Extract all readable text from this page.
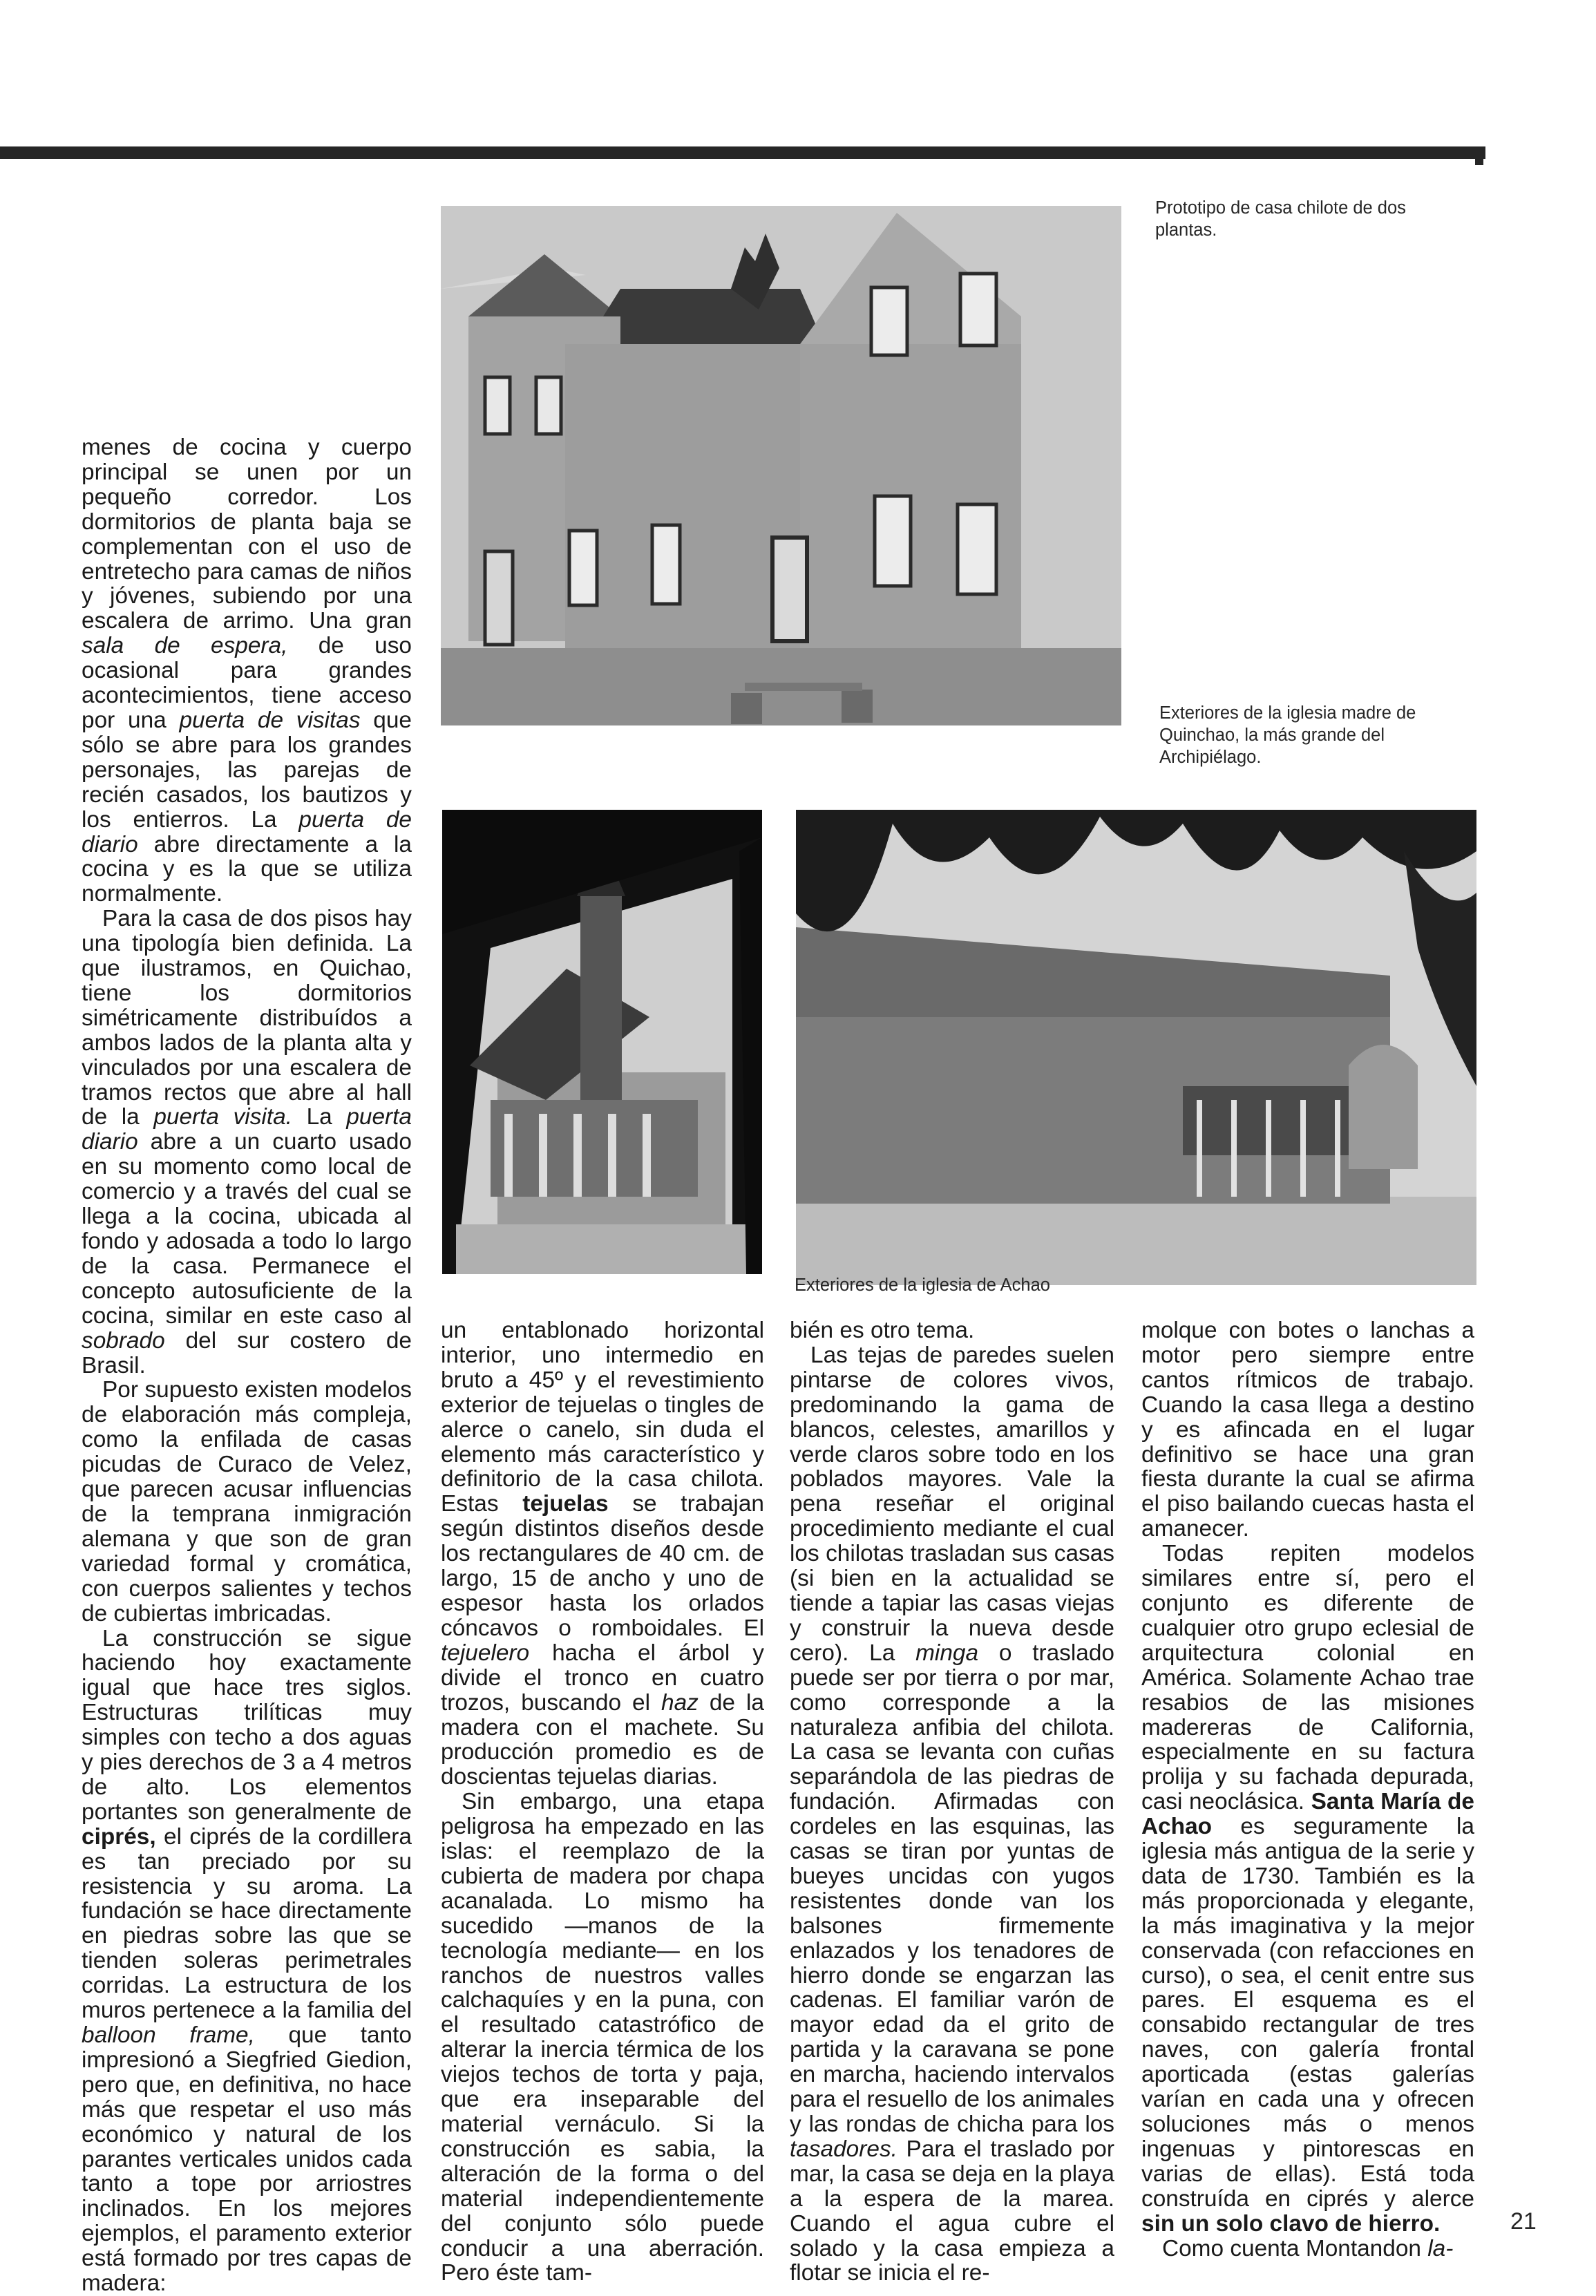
Prototipo de casa chilote de dos plantas.
Exteriores de la iglesia madre de Quinchao, la más grande del Archipiélago.
Exteriores de la iglesia de Achao

menes de cocina y cuerpo principal se unen por un pequeño corredor. Los dormitorios de planta baja se complementan con el uso de entretecho para camas de niños y jóvenes, subiendo por una escalera de arrimo. Una gran sala de espera, de uso ocasional para grandes acontecimientos, tiene acceso por una puerta de visitas que sólo se abre para los grandes personajes, las parejas de recién casados, los bautizos y los entierros. La puerta de diario abre directamente a la cocina y es la que se utiliza normalmente.

Para la casa de dos pisos hay una tipología bien definida. La que ilustramos, en Quichao, tiene los dormitorios simétricamente distribuídos a ambos lados de la planta alta y vinculados por una escalera de tramos rectos que abre al hall de la puerta visita. La puerta diario abre a un cuarto usado en su momento como local de comercio y a través del cual se llega a la cocina, ubicada al fondo y adosada a todo lo largo de la casa. Permanece el concepto autosuficiente de la cocina, similar en este caso al sobrado del sur costero de Brasil.

Por supuesto existen modelos de elaboración más compleja, como la enfilada de casas picudas de Curaco de Velez, que parecen acusar influencias de la temprana inmigración alemana y que son de gran variedad formal y cromática, con cuerpos salientes y techos de cubiertas imbricadas.

La construcción se sigue haciendo hoy exactamente igual que hace tres siglos. Estructuras trilíticas muy simples con techo a dos aguas y pies derechos de 3 a 4 metros de alto. Los elementos portantes son generalmente de ciprés, el ciprés de la cordillera es tan preciado por su resistencia y su aroma. La fundación se hace directamente en piedras sobre las que se tienden soleras perimetrales corridas. La estructura de los muros pertenece a la familia del balloon frame, que tanto impresionó a Siegfried Giedion, pero que, en definitiva, no hace más que respetar el uso más económico y natural de los parantes verticales unidos cada tanto a tope por arriostres inclinados. En los mejores ejemplos, el paramento exterior está formado por tres capas de madera:

un entablonado horizontal interior, uno intermedio en bruto a 45º y el revestimiento exterior de tejuelas o tingles de alerce o canelo, sin duda el elemento más característico y definitorio de la casa chilota. Estas tejuelas se trabajan según distintos diseños desde los rectangulares de 40 cm. de largo, 15 de ancho y uno de espesor hasta los orlados cóncavos o romboidales. El tejuelero hacha el árbol y divide el tronco en cuatro trozos, buscando el haz de la madera con el machete. Su producción promedio es de doscientas tejuelas diarias.

Sin embargo, una etapa peligrosa ha empezado en las islas: el reemplazo de la cubierta de madera por chapa acanalada. Lo mismo ha sucedido —manos de la tecnología mediante— en los ranchos de nuestros valles calchaquíes y en la puna, con el resultado catastrófico de alterar la inercia térmica de los viejos techos de torta y paja, que era inseparable del material vernáculo. Si la construcción es sabia, la alteración de la forma o del material independientemente del conjunto sólo puede conducir a una aberración. Pero éste tam-

bién es otro tema.

Las tejas de paredes suelen pintarse de colores vivos, predominando la gama de blancos, celestes, amarillos y verde claros sobre todo en los poblados mayores. Vale la pena reseñar el original procedimiento mediante el cual los chilotas trasladan sus casas (si bien en la actualidad se tiende a tapiar las casas viejas y construir la nueva desde cero). La minga o traslado puede ser por tierra o por mar, como corresponde a la naturaleza anfibia del chilota. La casa se levanta con cuñas separándola de las piedras de fundación. Afirmadas con cordeles en las esquinas, las casas se tiran por yuntas de bueyes uncidas con yugos resistentes donde van los balsones firmemente enlazados y los tenadores de hierro donde se engarzan las cadenas. El familiar varón de mayor edad da el grito de partida y la caravana se pone en marcha, haciendo intervalos para el resuello de los animales y las rondas de chicha para los tasadores. Para el traslado por mar, la casa se deja en la playa a la espera de la marea. Cuando el agua cubre el solado y la casa empieza a flotar se inicia el re-

molque con botes o lanchas a motor pero siempre entre cantos rítmicos de trabajo. Cuando la casa llega a destino y es afincada en el lugar definitivo se hace una gran fiesta durante la cual se afirma el piso bailando cuecas hasta el amanecer.

Todas repiten modelos similares entre sí, pero el conjunto es diferente de cualquier otro grupo eclesial de arquitectura colonial en América. Solamente Achao trae resabios de las misiones madereras de California, especialmente en su factura prolija y su fachada depurada, casi neoclásica. Santa María de Achao es seguramente la iglesia más antigua de la serie y data de 1730. También es la más proporcionada y elegante, la más imaginativa y la mejor conservada (con refacciones en curso), o sea, el cenit entre sus pares. El esquema es el consabido rectangular de tres naves, con galería frontal aporticada (estas galerías varían en cada una y ofrecen soluciones más o menos ingenuas y pintorescas en varias de ellas). Está toda construída en ciprés y alerce sin un solo clavo de hierro.

Como cuenta Montandon la-

21
